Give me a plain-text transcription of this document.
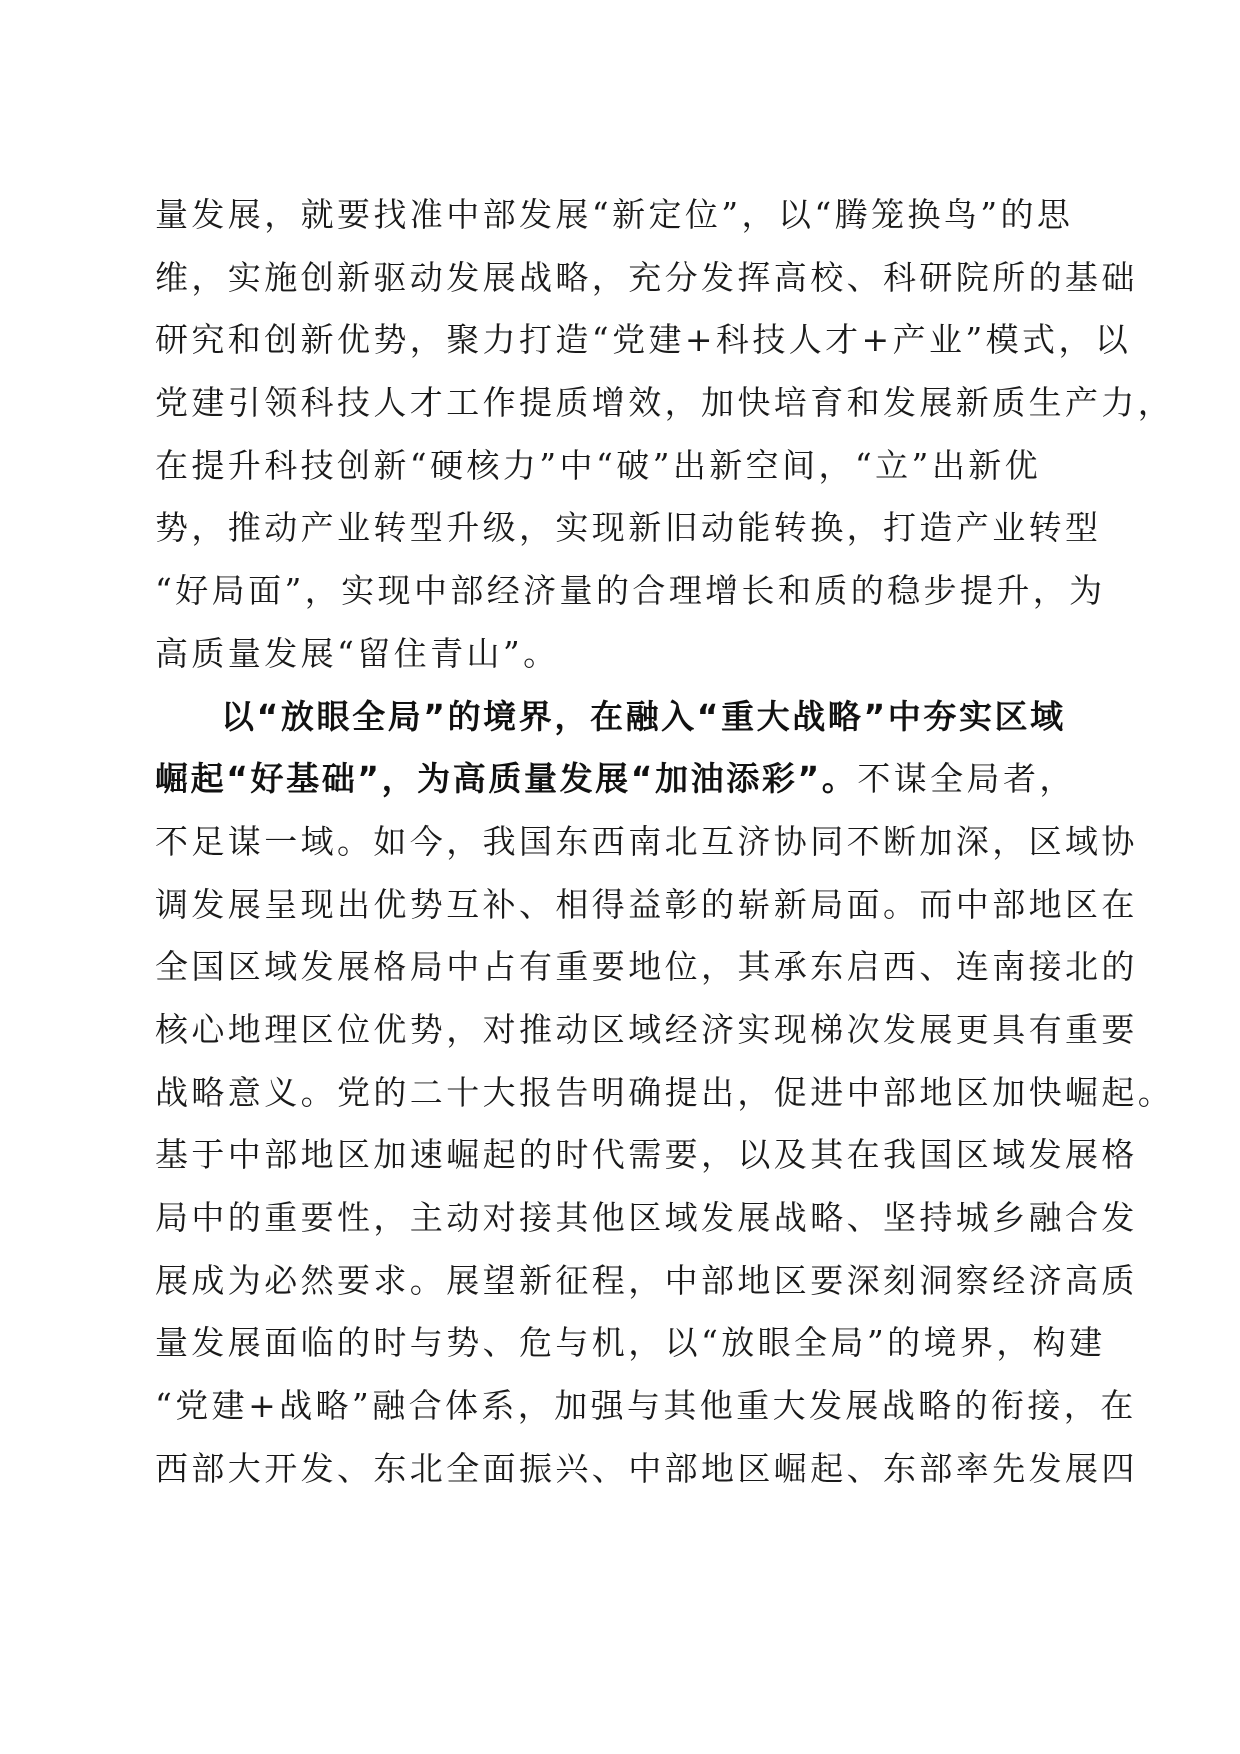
量发展，就要找准中部发展“新定位”，以“腾笼换鸟”的思
维，实施创新驱动发展战略，充分发挥高校、科研院所的基础
研究和创新优势，聚力打造“党建+科技人才+产业”模式，以
党建引领科技人才工作提质增效，加快培育和发展新质生产力，
在提升科技创新“硬核力”中“破”出新空间，“立”出新优
势，推动产业转型升级，实现新旧动能转换，打造产业转型
“好局面”，实现中部经济量的合理增长和质的稳步提升，为
高质量发展“留住青山”。
以“放眼全局”的境界，在融入“重大战略”中夯实区域
崛起“好基础”，为高质量发展“加油添彩”。不谋全局者，
不足谋一域。如今，我国东西南北互济协同不断加深，区域协
调发展呈现出优势互补、相得益彰的崭新局面。而中部地区在
全国区域发展格局中占有重要地位，其承东启西、连南接北的
核心地理区位优势，对推动区域经济实现梯次发展更具有重要
战略意义。党的二十大报告明确提出，促进中部地区加快崛起。
基于中部地区加速崛起的时代需要，以及其在我国区域发展格
局中的重要性，主动对接其他区域发展战略、坚持城乡融合发
展成为必然要求。展望新征程，中部地区要深刻洞察经济高质
量发展面临的时与势、危与机，以“放眼全局”的境界，构建
“党建+战略”融合体系，加强与其他重大发展战略的衔接，在
西部大开发、东北全面振兴、中部地区崛起、东部率先发展四
